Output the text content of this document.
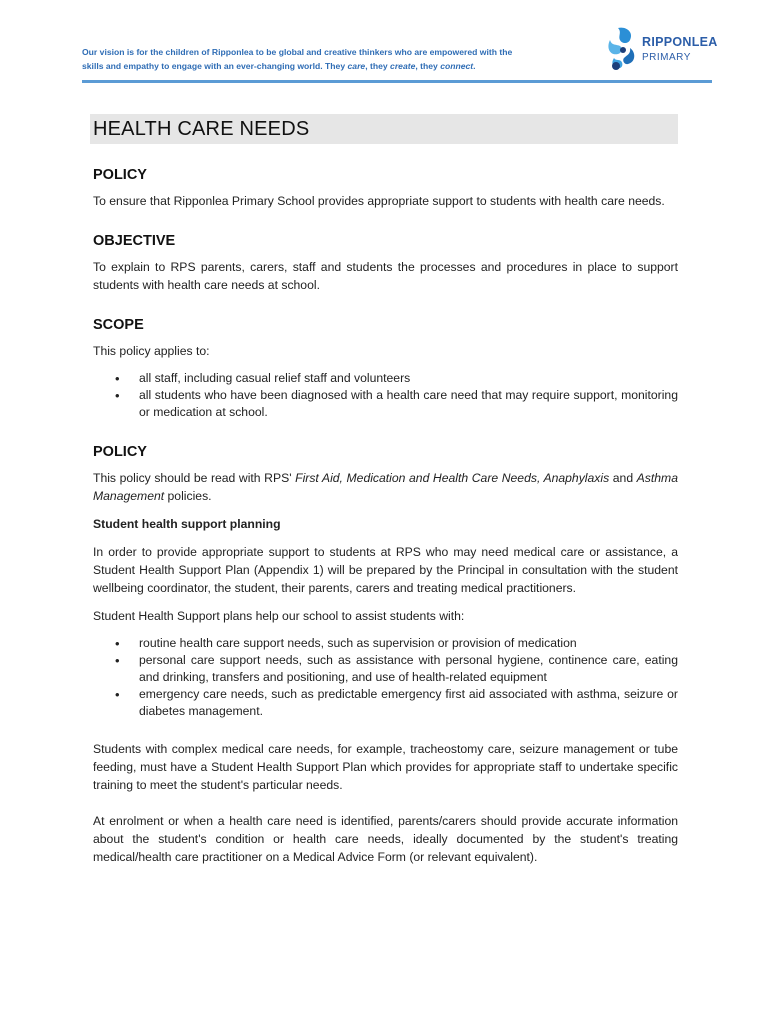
Our vision is for the children of Ripponlea to be global and creative thinkers who are empowered with the
skills and empathy to engage with an ever-changing world. They care, they create, they connect.
RIPPONLEA
PRIMARY
HEALTH CARE NEEDS
POLICY

To ensure that Ripponlea Primary School provides appropriate support to students with health care needs.

OBJECTIVE

To explain to RPS parents, carers, staff and students the processes and procedures in place to support students with health care needs at school.

SCOPE

This policy applies to:

• all staff, including casual relief staff and volunteers
• all students who have been diagnosed with a health care need that may require support, monitoring or medication at school.
POLICY

This policy should be read with RPS' First Aid, Medication and Health Care Needs, Anaphylaxis and Asthma Management policies.

Student health support planning

In order to provide appropriate support to students at RPS who may need medical care or assistance, a Student Health Support Plan (Appendix 1) will be prepared by the Principal in consultation with the student wellbeing coordinator, the student, their parents, carers and treating medical practitioners.

Student Health Support plans help our school to assist students with:

• routine health care support needs, such as supervision or provision of medication
• personal care support needs, such as assistance with personal hygiene, continence care, eating and drinking, transfers and positioning, and use of health-related equipment
• emergency care needs, such as predictable emergency first aid associated with asthma, seizure or diabetes management.

Students with complex medical care needs, for example, tracheostomy care, seizure management or tube feeding, must have a Student Health Support Plan which provides for appropriate staff to undertake specific training to meet the student's particular needs.

At enrolment or when a health care need is identified, parents/carers should provide accurate information about the student's condition or health care needs, ideally documented by the student's treating medical/health care practitioner on a Medical Advice Form (or relevant equivalent).
